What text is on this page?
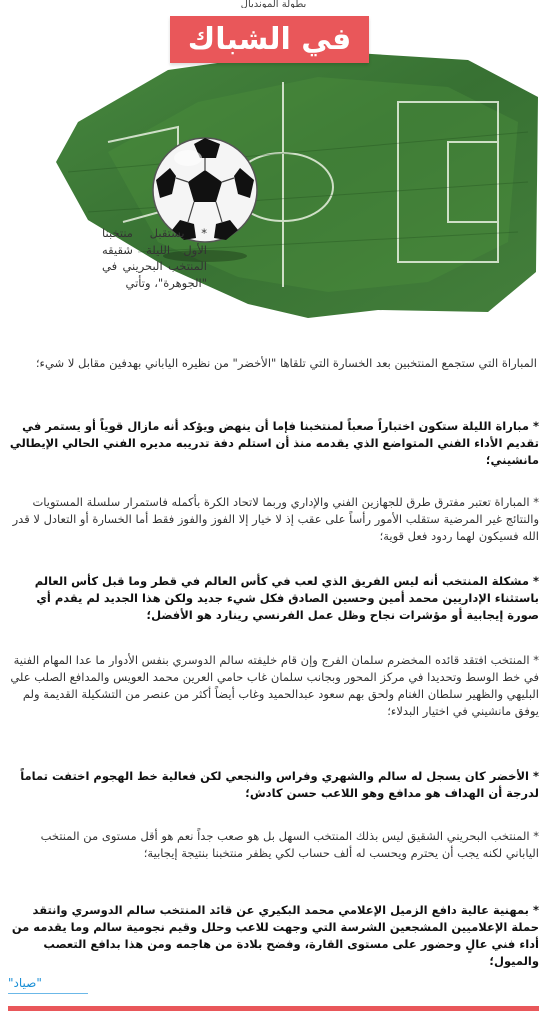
بطولة المونديال
في الشباك
* يستقبل منتخبنا الأول الليلة شقيقه المنتخب البحريني في "الجوهرة"، وتأتي
المباراة التي ستجمع المنتخبين بعد الخسارة التي تلقاها "الأخضر" من نظيره الياباني بهدفين مقابل لا شيء؛
* مباراة الليلة ستكون اختباراً صعباً لمنتخبنا فإما أن ينهض ويؤكد أنه مازال قوياً أو يستمر في تقديم الأداء الفني المتواضع الذي يقدمه منذ أن استلم دفة تدريبه مديره الفني الحالي الإيطالي مانشيني؛
* المباراة تعتبر مفترق طرق للجهازين الفني والإداري وربما لاتحاد الكرة بأكمله فاستمرار سلسلة المستويات والنتائج غير المرضية ستقلب الأمور رأساً على عقب إذ لا خيار إلا الفوز والفوز فقط أما الخسارة أو التعادل لا قدر الله فسيكون لهما ردود فعل قوية؛
* مشكلة المنتخب أنه ليس الفريق الذي لعب في كأس العالم في قطر وما قبل كأس العالم باستثناء الإداريين محمد أمين وحسين الصادق فكل شيء جديد ولكن هذا الجديد لم يقدم أي صورة إيجابية أو مؤشرات نجاح وظل عمل الفرنسي رينارد هو الأفضل؛
* المنتخب افتقد قائده المخضرم سلمان الفرج وإن قام خليفته سالم الدوسري بنفس الأدوار ما عدا المهام الفنية في خط الوسط وتحديدا في مركز المحور وبجانب سلمان غاب حامي العرين محمد العويس والمدافع الصلب علي البليهي والظهير سلطان الغنام ولحق بهم سعود عبدالحميد وغاب أيضاً أكثر من عنصر من التشكيلة القديمة ولم يوفق مانشيني في اختيار البدلاء؛
* الأخضر كان يسجل له سالم والشهري وفراس والنجعي لكن فعالية خط الهجوم اختفت تماماً لدرجة أن الهداف هو مدافع وهو اللاعب حسن كادش؛
* المنتخب البحريني الشقيق ليس بذلك المنتخب السهل بل هو صعب جداً نعم هو أقل مستوى من المنتخب الياباني لكنه يجب أن يحترم ويحسب له ألف حساب لكي يظفر منتخبنا بنتيجة إيجابية؛
* بمهنية عالية دافع الزميل الإعلامي محمد البكيري عن قائد المنتخب سالم الدوسري وانتقد حملة الإعلاميين المشجعين الشرسة التي وجهت للاعب وحلل وقيم نجومية سالم وما يقدمه من أداء فني عالٍ وحضور على مستوى القارة، وفضح بلادة من هاجمه ومن هذا بدافع التعصب والميول؛
"صياد"
